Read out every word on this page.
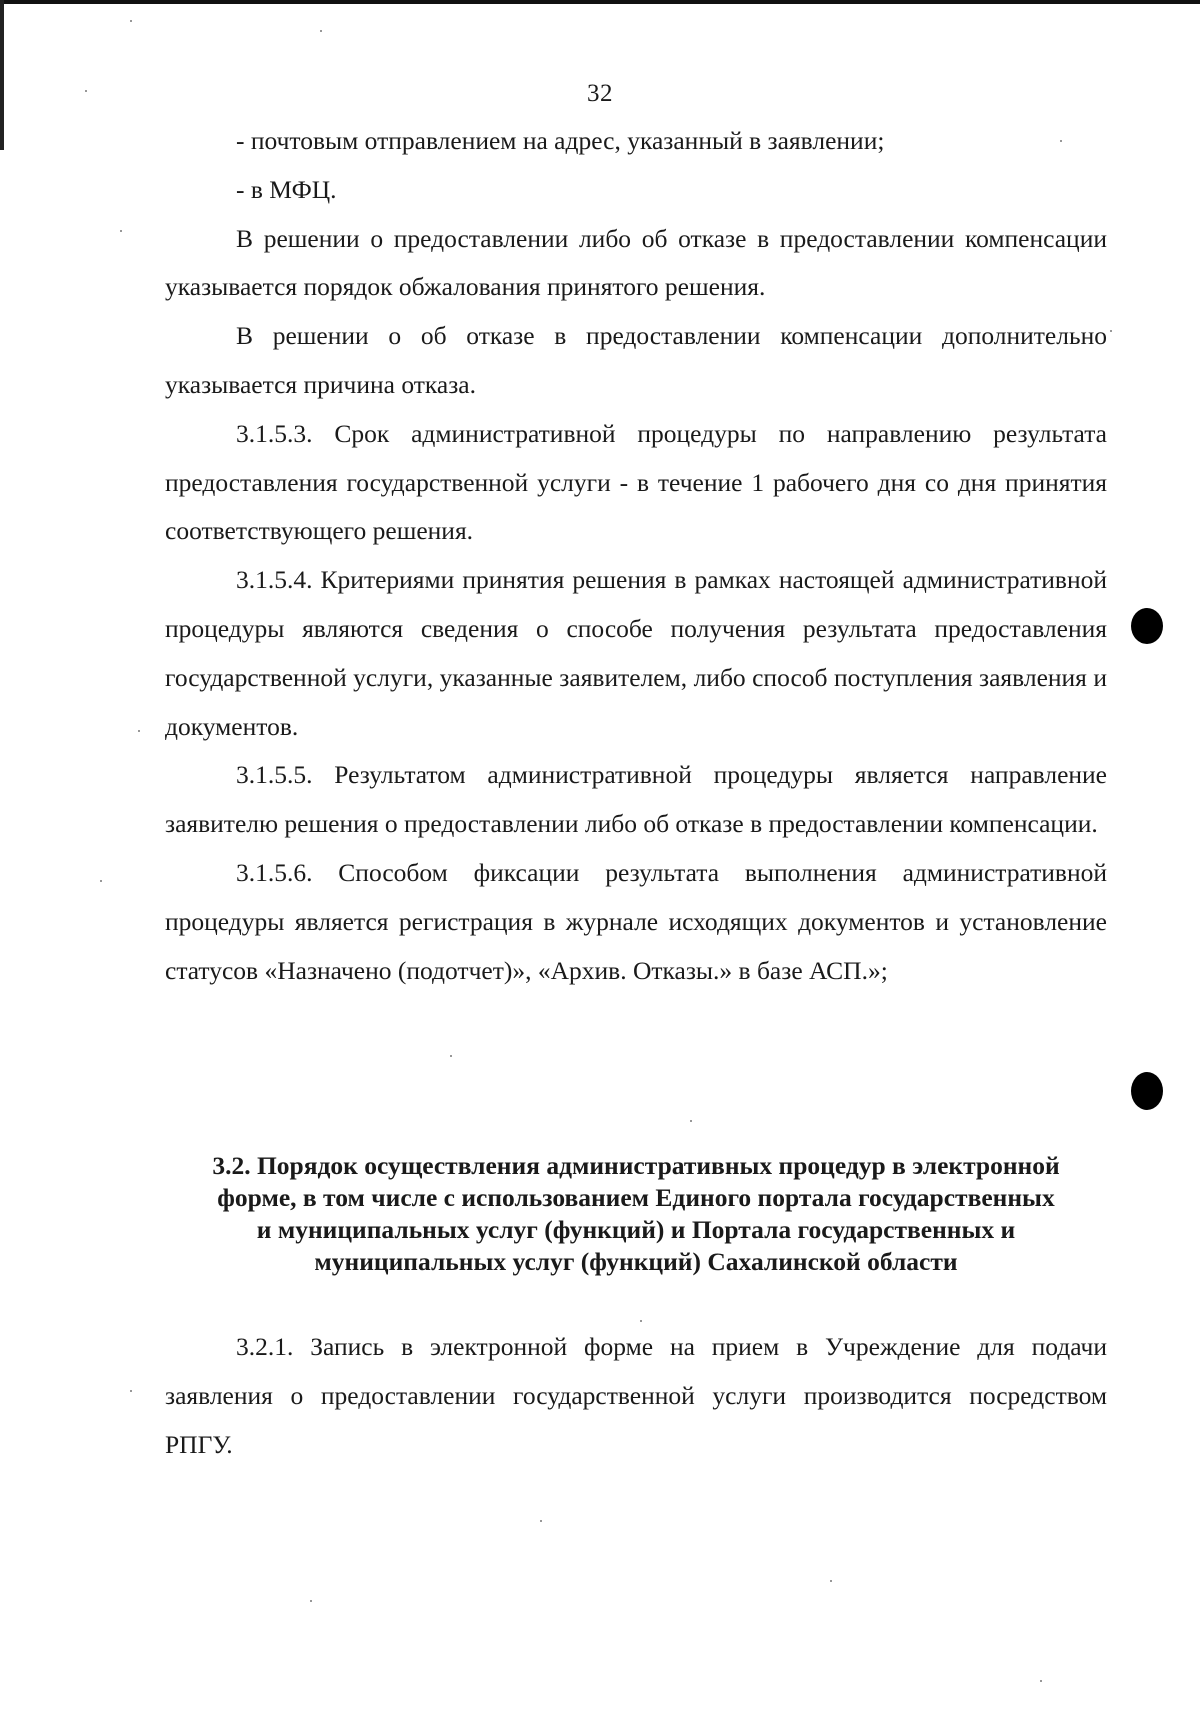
32

- почтовым отправлением на адрес, указанный в заявлении;

- в МФЦ.

В решении о предоставлении либо об отказе в предоставлении компенсации указывается порядок обжалования принятого решения.

В решении о об отказе в предоставлении компенсации дополнительно указывается причина отказа.

3.1.5.3. Срок административной процедуры по направлению результата предоставления государственной услуги - в течение 1 рабочего дня со дня принятия соответствующего решения.

3.1.5.4. Критериями принятия решения в рамках настоящей административной процедуры являются сведения о способе получения результата предоставления государственной услуги, указанные заявителем, либо способ поступления заявления и документов.

3.1.5.5. Результатом административной процедуры является направление заявителю решения о предоставлении либо об отказе в предоставлении компенсации.

3.1.5.6. Способом фиксации результата выполнения административной процедуры является регистрация в журнале исходящих документов и установление статусов «Назначено (подотчет)», «Архив. Отказы.» в базе АСП.»;

3.2. Порядок осуществления административных процедур в электронной
форме, в том числе с использованием Единого портала государственных
и муниципальных услуг (функций) и Портала государственных и
муниципальных услуг (функций) Сахалинской области

3.2.1. Запись в электронной форме на прием в Учреждение для подачи заявления о предоставлении государственной услуги производится посредством РПГУ.
